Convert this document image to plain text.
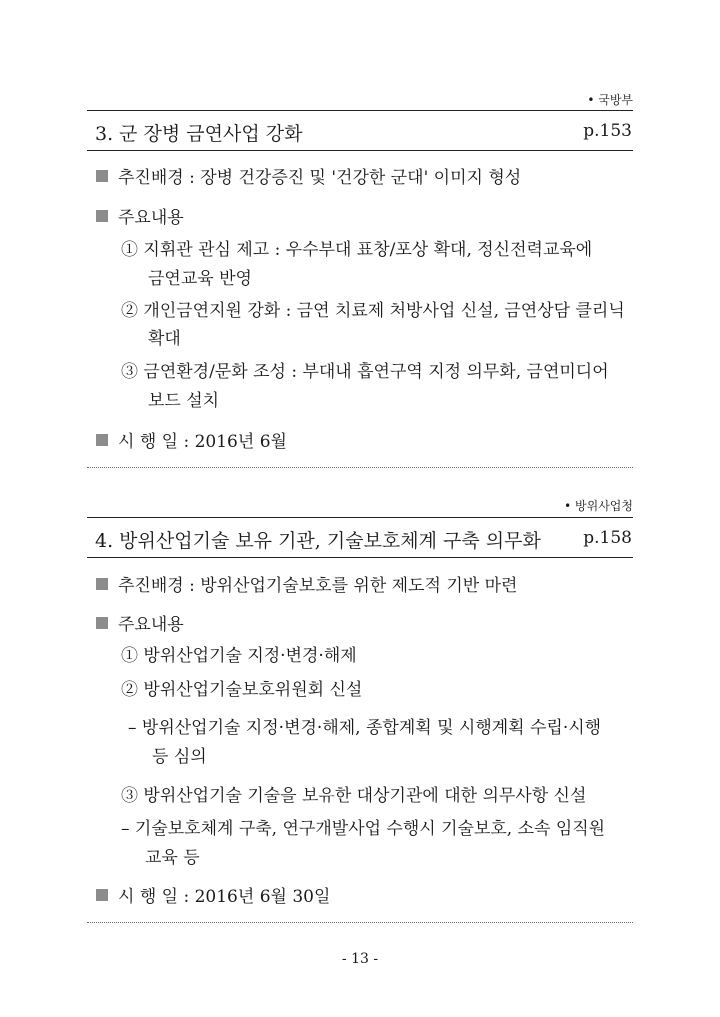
• 국방부
3. 군 장병 금연사업 강화	p.153
추진배경 : 장병 건강증진 및 '건강한 군대' 이미지 형성
주요내용
① 지휘관 관심 제고 : 우수부대 표창/포상 확대, 정신전력교육에
금연교육 반영
② 개인금연지원 강화 : 금연 치료제 처방사업 신설, 금연상담 클리닉
확대
③ 금연환경/문화 조성 : 부대내 흡연구역 지정 의무화, 금연미디어
보드 설치
시 행 일 : 2016년 6월
• 방위사업청
4. 방위산업기술 보유 기관, 기술보호체계 구축 의무화 p.158
추진배경 : 방위산업기술보호를 위한 제도적 기반 마련
주요내용
① 방위산업기술 지정·변경·해제
② 방위산업기술보호위원회 신설
– 방위산업기술 지정·변경·해제, 종합계획 및 시행계획 수립·시행
등 심의
③ 방위산업기술 기술을 보유한 대상기관에 대한 의무사항 신설
– 기술보호체계 구축, 연구개발사업 수행시 기술보호, 소속 임직원
교육 등
시 행 일 : 2016년 6월 30일
- 13 -
